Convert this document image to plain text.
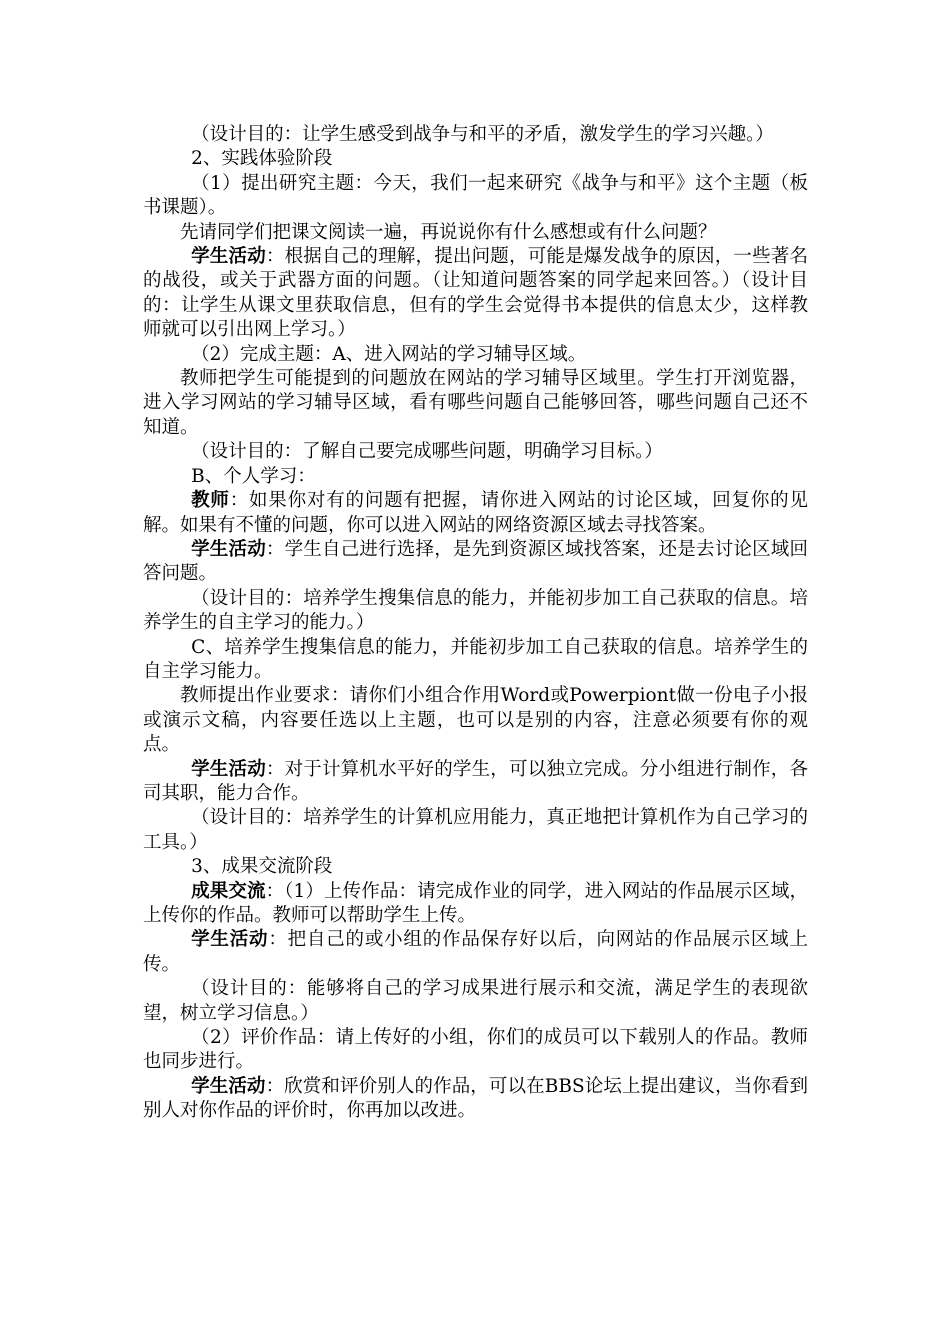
（设计目的：让学生感受到战争与和平的矛盾，激发学生的学习兴趣。）

2、实践体验阶段

（1）提出研究主题：今天，我们一起来研究《战争与和平》这个主题（板书课题）。

先请同学们把课文阅读一遍，再说说你有什么感想或有什么问题？

学生活动：根据自己的理解，提出问题，可能是爆发战争的原因，一些著名的战役，或关于武器方面的问题。（让知道问题答案的同学起来回答。）（设计目的：让学生从课文里获取信息，但有的学生会觉得书本提供的信息太少，这样教师就可以引出网上学习。）

（2）完成主题：A、进入网站的学习辅导区域。

教师把学生可能提到的问题放在网站的学习辅导区域里。学生打开浏览器，进入学习网站的学习辅导区域，看有哪些问题自己能够回答，哪些问题自己还不知道。

（设计目的：了解自己要完成哪些问题，明确学习目标。）

B、个人学习：

教师：如果你对有的问题有把握，请你进入网站的讨论区域，回复你的见解。如果有不懂的问题，你可以进入网站的网络资源区域去寻找答案。

学生活动：学生自己进行选择，是先到资源区域找答案，还是去讨论区域回答问题。

（设计目的：培养学生搜集信息的能力，并能初步加工自己获取的信息。培养学生的自主学习的能力。）

C、培养学生搜集信息的能力，并能初步加工自己获取的信息。培养学生的自主学习能力。

教师提出作业要求：请你们小组合作用Word或Powerpiont做一份电子小报或演示文稿，内容要任选以上主题，也可以是别的内容，注意必须要有你的观点。

学生活动：对于计算机水平好的学生，可以独立完成。分小组进行制作，各司其职，能力合作。

（设计目的：培养学生的计算机应用能力，真正地把计算机作为自己学习的工具。）

3、成果交流阶段

成果交流：（1）上传作品：请完成作业的同学，进入网站的作品展示区域，上传你的作品。教师可以帮助学生上传。

学生活动：把自己的或小组的作品保存好以后，向网站的作品展示区域上传。

（设计目的：能够将自己的学习成果进行展示和交流，满足学生的表现欲望，树立学习信息。）

（2）评价作品：请上传好的小组，你们的成员可以下载别人的作品。教师也同步进行。

学生活动：欣赏和评价别人的作品，可以在BBS论坛上提出建议，当你看到别人对你作品的评价时，你再加以改进。
